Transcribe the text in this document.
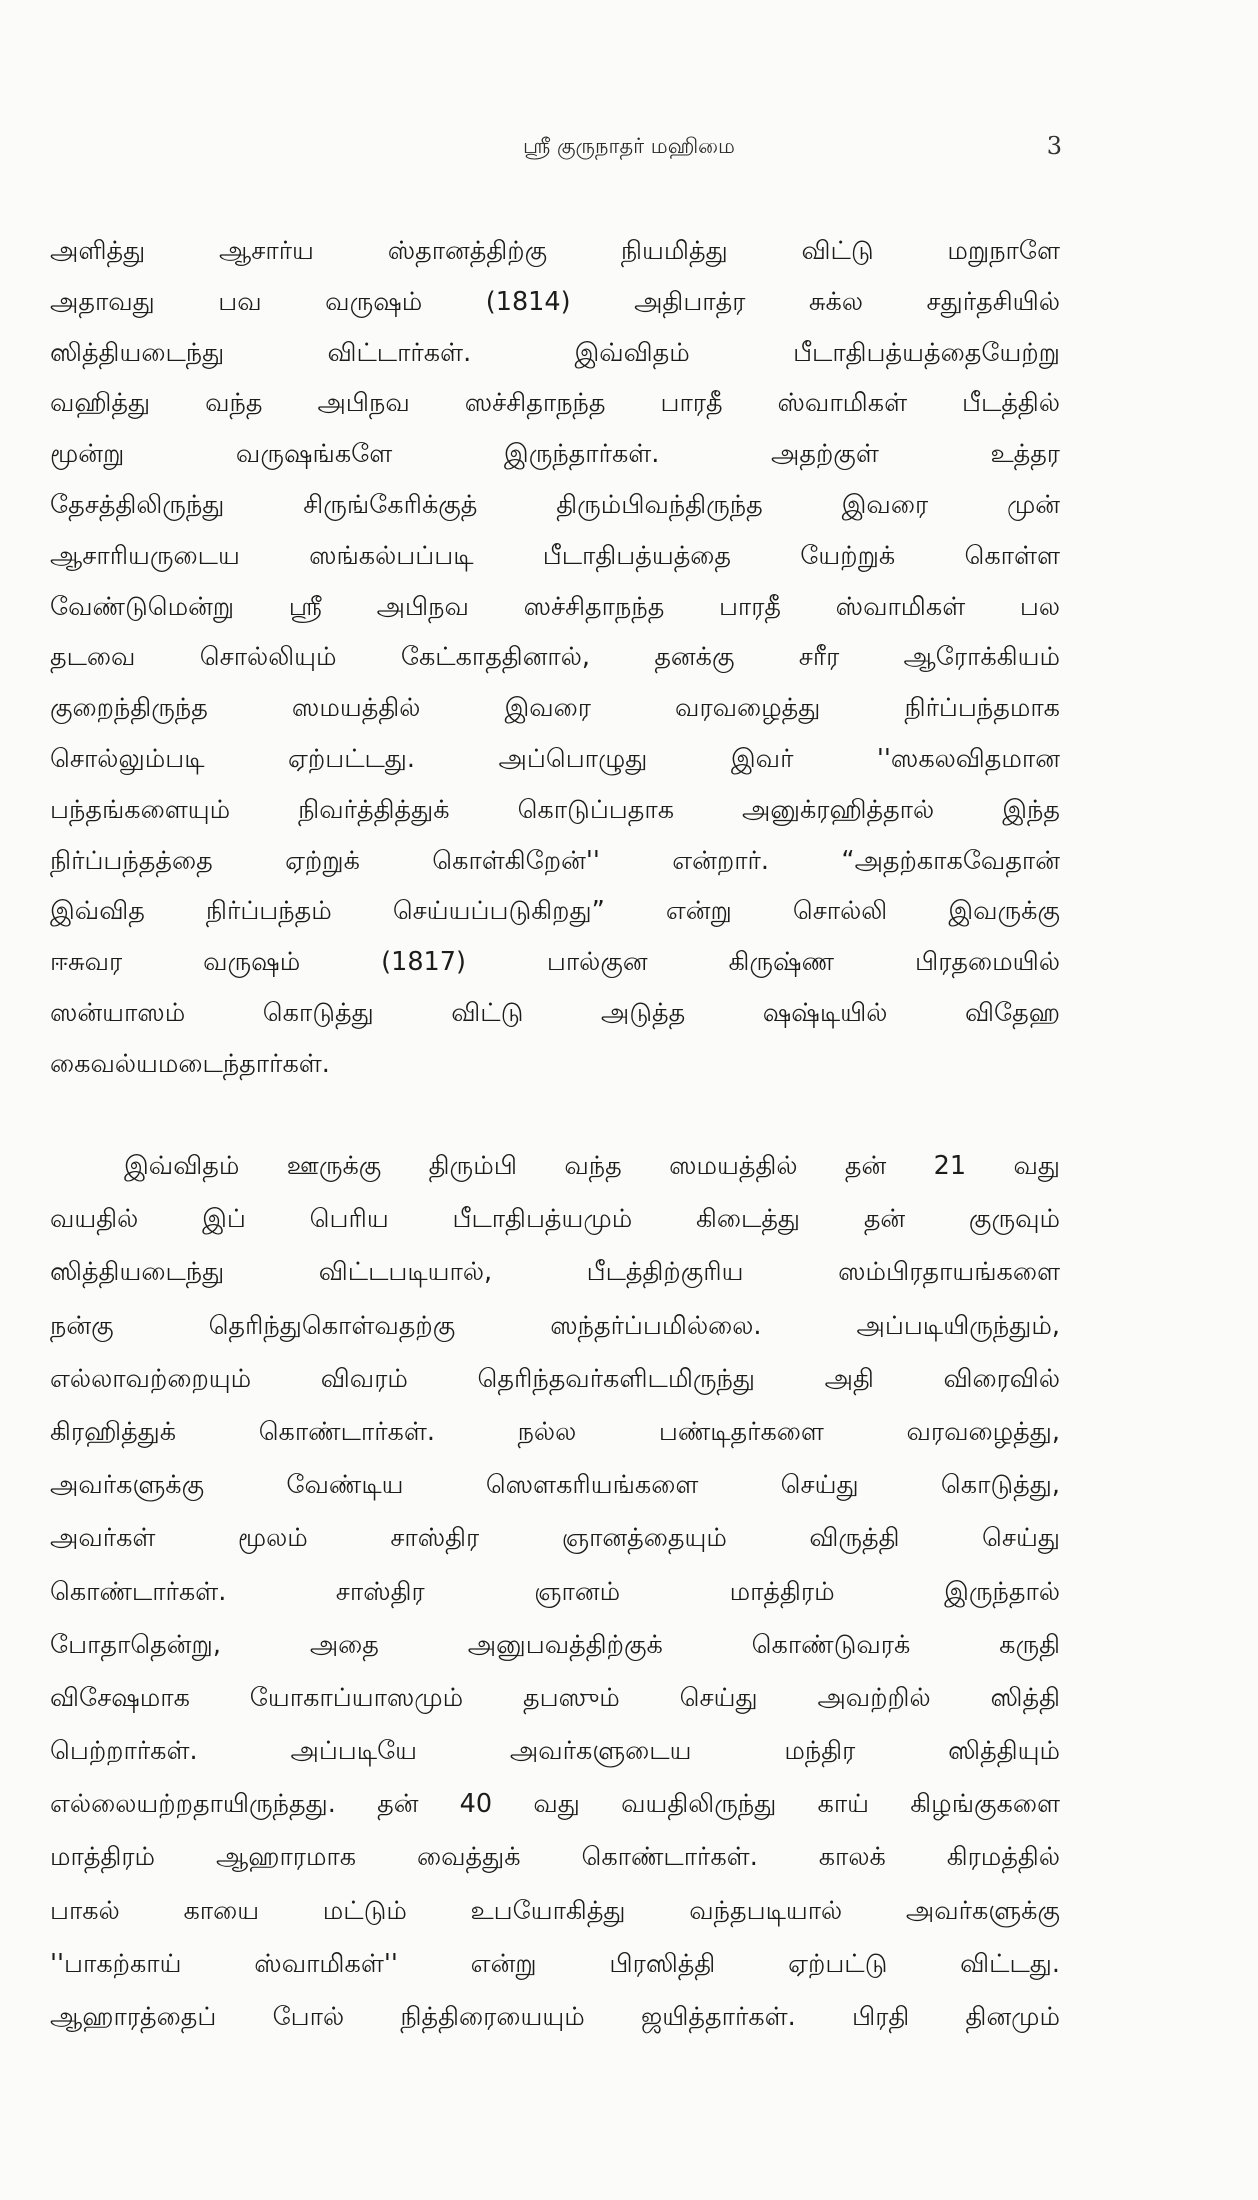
ஸ்ரீ குருநாதர் மஹிமை	3
அளித்து ஆசார்ய ஸ்தானத்திற்கு நியமித்து விட்டு மறுநாளே
அதாவது பவ வருஷம் (1814) அதிபாத்ர சுக்ல சதுர்தசியில்
ஸித்தியடைந்து விட்டார்கள். இவ்விதம் பீடாதிபத்யத்தையேற்று
வஹித்து வந்த அபிநவ ஸச்சிதாநந்த பாரதீ ஸ்வாமிகள் பீடத்தில்
மூன்று வருஷங்களே இருந்தார்கள். அதற்குள் உத்தர
தேசத்திலிருந்து சிருங்கேரிக்குத் திரும்பிவந்திருந்த இவரை முன்
ஆசாரியருடைய ஸங்கல்பப்படி பீடாதிபத்யத்தை யேற்றுக் கொள்ள
வேண்டுமென்று ஸ்ரீ அபிநவ ஸச்சிதாநந்த பாரதீ ஸ்வாமிகள் பல
தடவை சொல்லியும் கேட்காததினால், தனக்கு சரீர ஆரோக்கியம்
குறைந்திருந்த ஸமயத்தில் இவரை வரவழைத்து நிர்ப்பந்தமாக
சொல்லும்படி ஏற்பட்டது. அப்பொழுது இவர் ''ஸகலவிதமான
பந்தங்களையும் நிவர்த்தித்துக் கொடுப்பதாக அனுக்ரஹித்தால் இந்த
நிர்ப்பந்தத்தை ஏற்றுக் கொள்கிறேன்'' என்றார். “அதற்காகவேதான்
இவ்வித நிர்ப்பந்தம் செய்யப்படுகிறது” என்று சொல்லி இவருக்கு
ஈசுவர வருஷம் (1817) பால்குன கிருஷ்ண பிரதமையில்
ஸன்யாஸம் கொடுத்து விட்டு அடுத்த ஷஷ்டியில் விதேஹ
கைவல்யமடைந்தார்கள்.
இவ்விதம் ஊருக்கு திரும்பி வந்த ஸமயத்தில் தன் 21 வது
வயதில் இப் பெரிய பீடாதிபத்யமும் கிடைத்து தன் குருவும்
ஸித்தியடைந்து விட்டபடியால், பீடத்திற்குரிய ஸம்பிரதாயங்களை
நன்கு தெரிந்துகொள்வதற்கு ஸந்தர்ப்பமில்லை. அப்படியிருந்தும்,
எல்லாவற்றையும் விவரம் தெரிந்தவர்களிடமிருந்து அதி விரைவில்
கிரஹித்துக் கொண்டார்கள். நல்ல பண்டிதர்களை வரவழைத்து,
அவர்களுக்கு வேண்டிய ஸௌகரியங்களை செய்து கொடுத்து,
அவர்கள் மூலம் சாஸ்திர ஞானத்தையும் விருத்தி செய்து
கொண்டார்கள். சாஸ்திர ஞானம் மாத்திரம் இருந்தால்
போதாதென்று, அதை அனுபவத்திற்குக் கொண்டுவரக் கருதி
விசேஷமாக யோகாப்யாஸமும் தபஸும் செய்து அவற்றில் ஸித்தி
பெற்றார்கள். அப்படியே அவர்களுடைய மந்திர ஸித்தியும்
எல்லையற்றதாயிருந்தது. தன் 40 வது வயதிலிருந்து காய் கிழங்குகளை
மாத்திரம் ஆஹாரமாக வைத்துக் கொண்டார்கள். காலக் கிரமத்தில்
பாகல் காயை மட்டும் உபயோகித்து வந்தபடியால் அவர்களுக்கு
''பாகற்காய் ஸ்வாமிகள்'' என்று பிரஸித்தி ஏற்பட்டு விட்டது.
ஆஹாரத்தைப் போல் நித்திரையையும் ஜயித்தார்கள். பிரதி தினமும்
